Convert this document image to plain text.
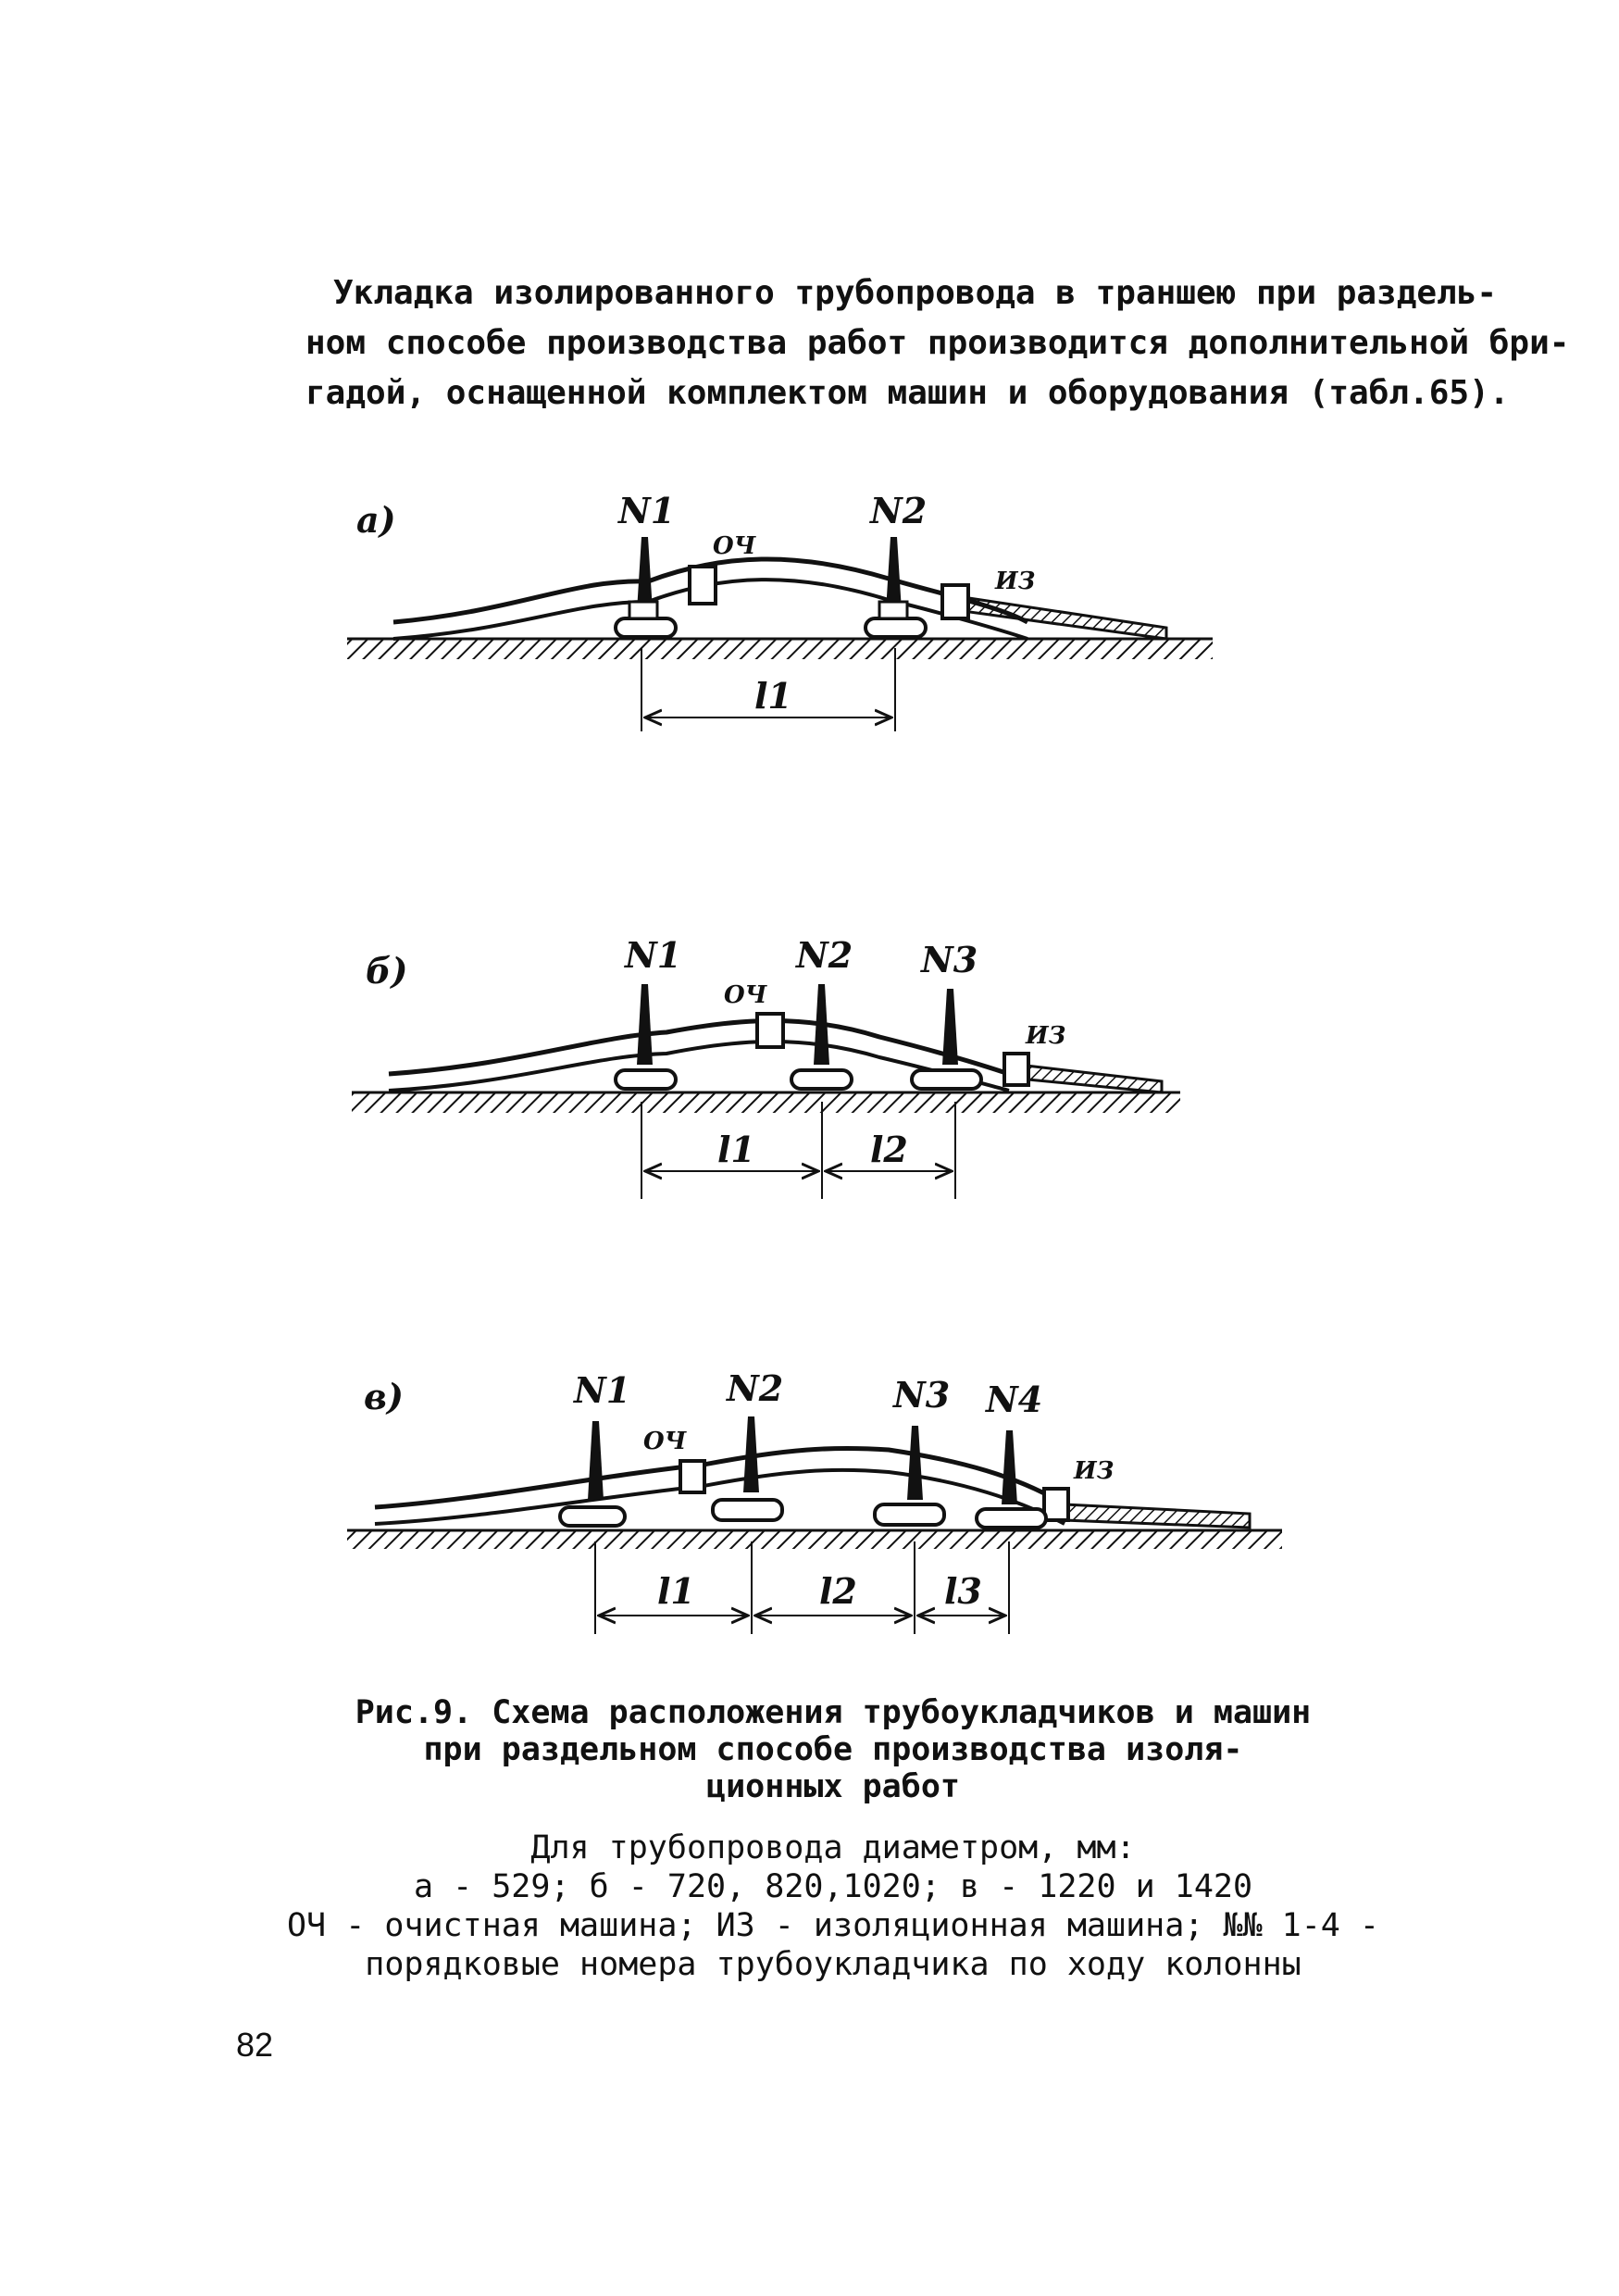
Укладка изолированного трубопровода в траншею при раздель-
ном способе производства работ производится дополнительной бри-
гадой, оснащенной комплектом машин и оборудования (табл.65).

а)
ОЧ
ИЗ
N1	N2
l1
б)
ОЧ
ИЗ
N1	N2 N3
l1	l2
в)
ОЧ
ИЗ
N1	N2	N3 N4
l1	l2 l3

Рис.9. Схема расположения трубоукладчиков и машин
при раздельном способе производства изоля-
ционных работ

Для трубопровода диаметром, мм:
а - 529; б - 720, 820,1020; в - 1220 и 1420
ОЧ - очистная машина; ИЗ - изоляционная машина; №№ 1-4 -
порядковые номера трубоукладчика по ходу колонны

82
